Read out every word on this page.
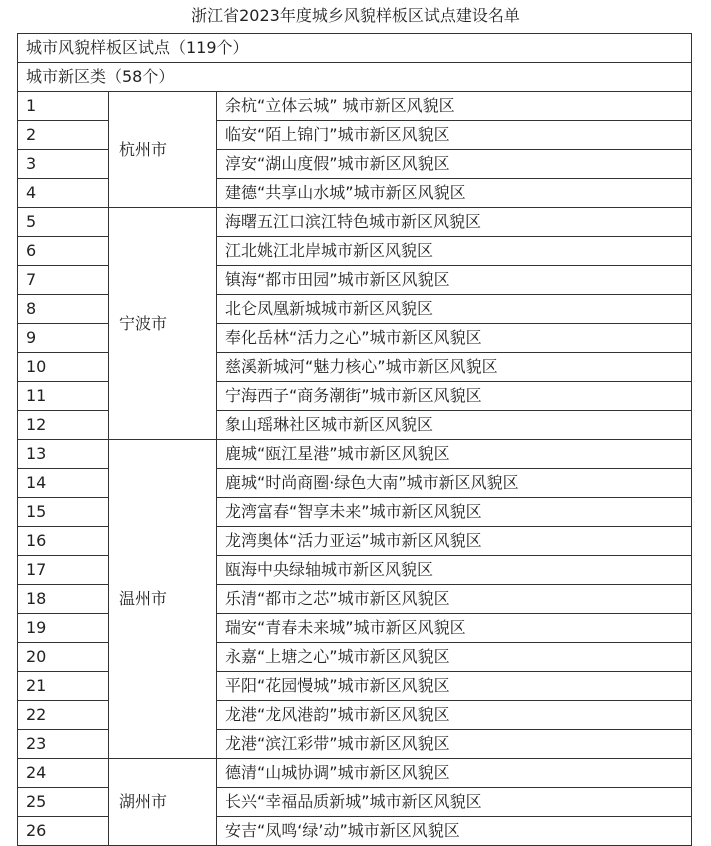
浙江省2023年度城乡风貌样板区试点建设名单
城市风貌样板区试点（119个）		
城市新区类（58个）		
1	杭州市	余杭“立体云城” 城市新区风貌区
2		临安“陌上锦门”城市新区风貌区
3		淳安“湖山度假”城市新区风貌区
4		建德“共享山水城”城市新区风貌区
5	宁波市	海曙五江口滨江特色城市新区风貌区
6		江北姚江北岸城市新区风貌区
7		镇海“都市田园”城市新区风貌区
8		北仑凤凰新城城市新区风貌区
9		奉化岳林“活力之心”城市新区风貌区
10		慈溪新城河“魅力核心”城市新区风貌区
11		宁海西子“商务潮街”城市新区风貌区
12		象山瑶琳社区城市新区风貌区
13	温州市	鹿城“瓯江星港”城市新区风貌区
14		鹿城“时尚商圈·绿色大南”城市新区风貌区
15		龙湾富春“智享未来”城市新区风貌区
16		龙湾奥体“活力亚运”城市新区风貌区
17		瓯海中央绿轴城市新区风貌区
18		乐清“都市之芯”城市新区风貌区
19		瑞安“青春未来城”城市新区风貌区
20		永嘉“上塘之心”城市新区风貌区
21		平阳“花园慢城”城市新区风貌区
22		龙港“龙风港韵”城市新区风貌区
23		龙港“滨江彩带”城市新区风貌区
24	湖州市	德清“山城协调”城市新区风貌区
25		长兴“幸福品质新城”城市新区风貌区
26		安吉“凤鸣‘绿’动”城市新区风貌区
